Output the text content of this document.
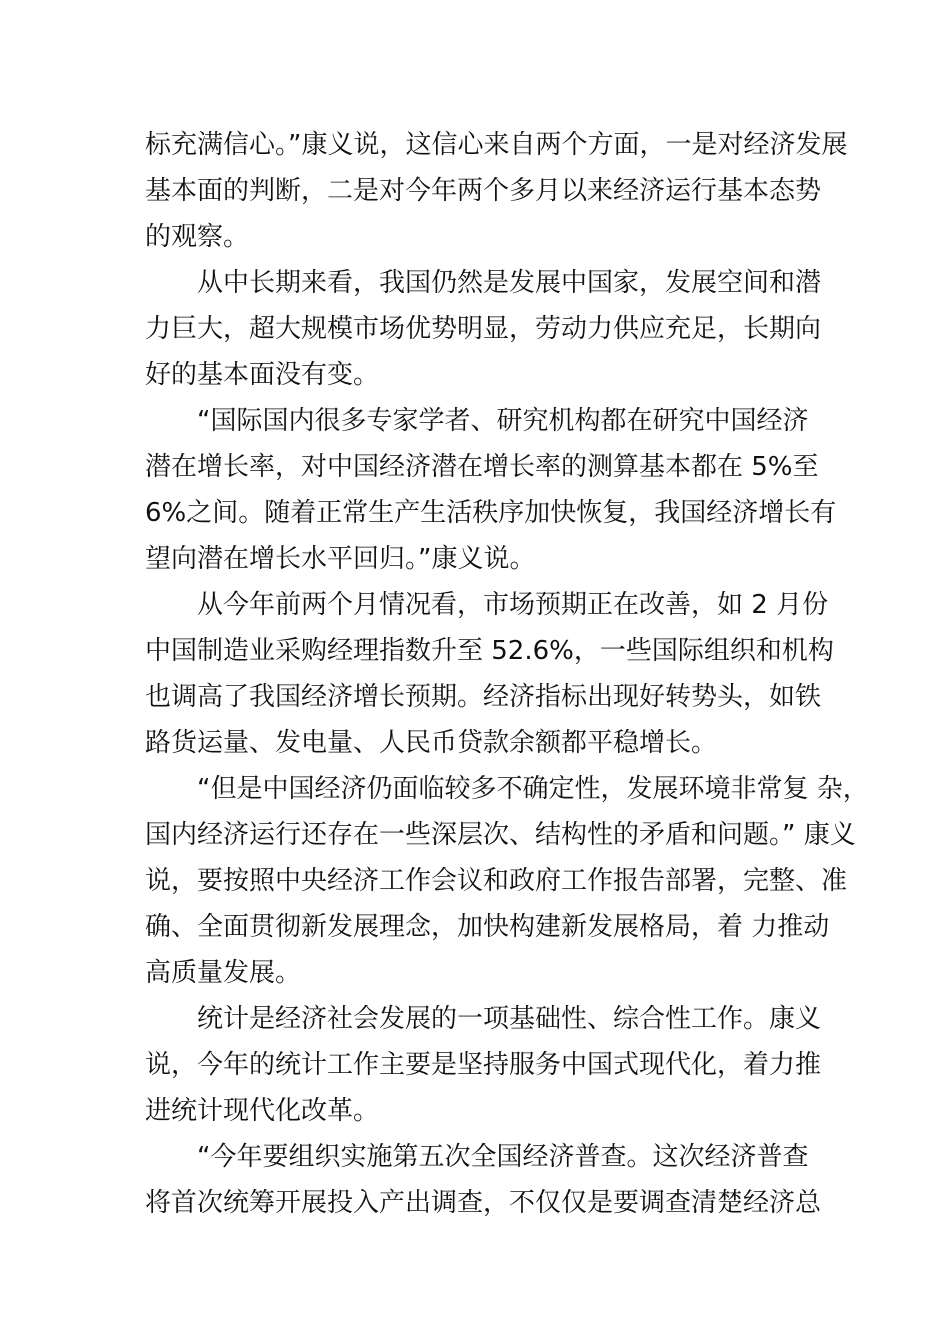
标充满信心。”康义说，这信心来自两个方面，一是对经济发展
基本面的判断，二是对今年两个多月以来经济运行基本态势
的观察。

从中长期来看，我国仍然是发展中国家，发展空间和潜
力巨大，超大规模市场优势明显，劳动力供应充足，长期向
好的基本面没有变。

“国际国内很多专家学者、研究机构都在研究中国经济
潜在增长率，对中国经济潜在增长率的测算基本都在 5%至
6%之间。随着正常生产生活秩序加快恢复，我国经济增长有
望向潜在增长水平回归。”康义说。

从今年前两个月情况看，市场预期正在改善，如 2 月份
中国制造业采购经理指数升至 52.6%，一些国际组织和机构
也调高了我国经济增长预期。经济指标出现好转势头，如铁
路货运量、发电量、人民币贷款余额都平稳增长。

“但是中国经济仍面临较多不确定性，发展环境非常复 杂，
国内经济运行还存在一些深层次、结构性的矛盾和问题。” 康义
说，要按照中央经济工作会议和政府工作报告部署，完整、准
确、全面贯彻新发展理念，加快构建新发展格局，着 力推动
高质量发展。

统计是经济社会发展的一项基础性、综合性工作。康义
说，今年的统计工作主要是坚持服务中国式现代化，着力推
进统计现代化改革。

“今年要组织实施第五次全国经济普查。这次经济普查
将首次统筹开展投入产出调查，不仅仅是要调查清楚经济总
